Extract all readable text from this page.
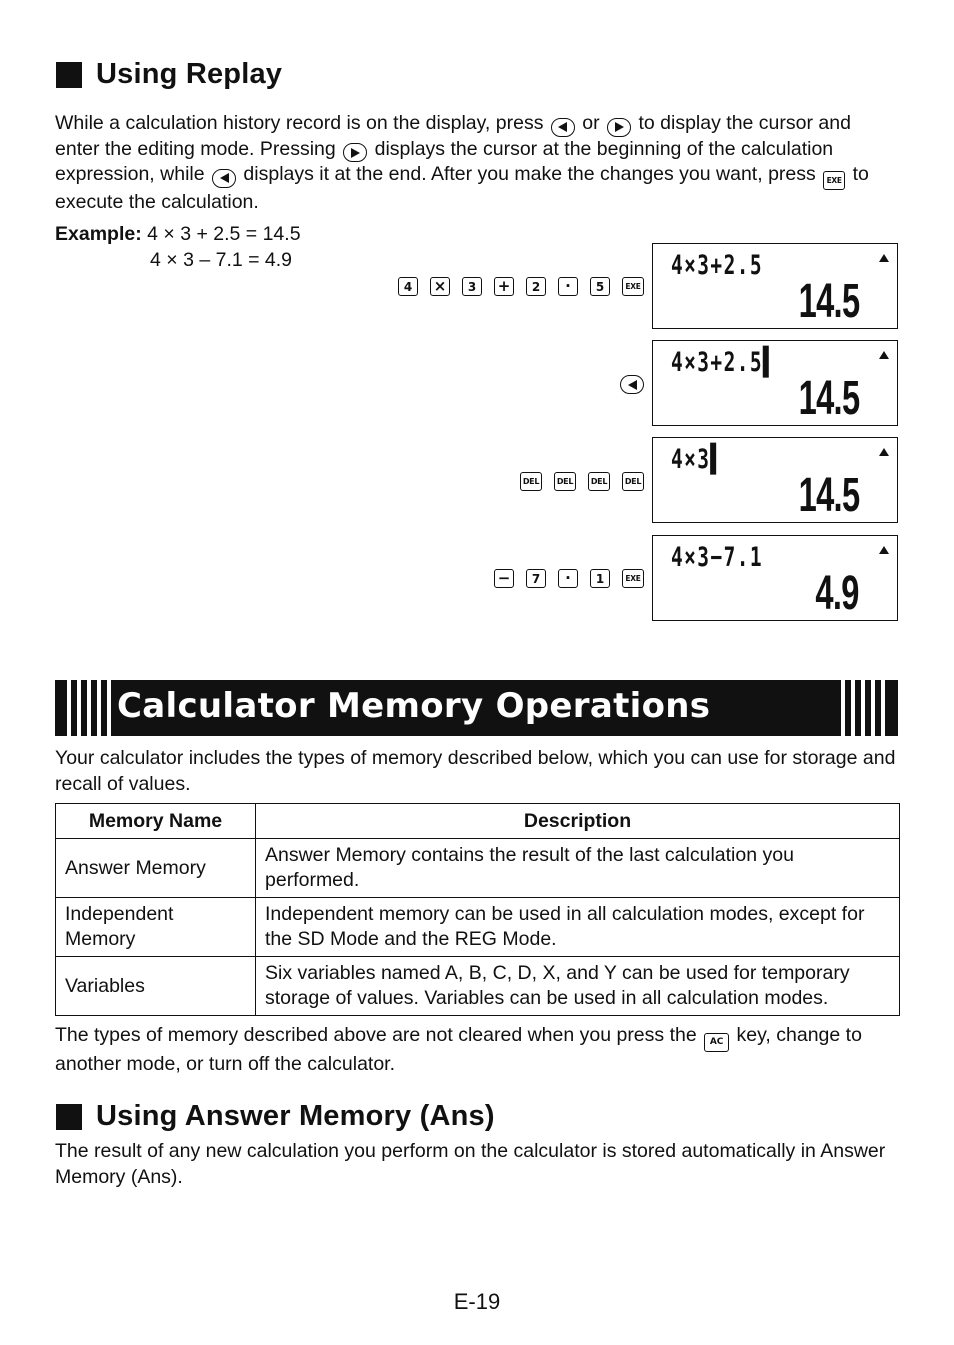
Using Replay
While a calculation history record is on the display, press or to display the cursor and enter the editing mode. Pressing displays the cursor at the beginning of the calculation expression, while displays it at the end. After you make the changes you want, press EXE to execute the calculation.
Example: 4 × 3 + 2.5 = 14.5
4 × 3 – 7.1 = 4.9
4	×	3	+	2	·	5	EXE
DEL	DEL	DEL	DEL
−	7	·	1	EXE
4×3+2.5
14.5
4×3+2.5▌
14.5
4×3▌
14.5
4×3−7.1
4.9
Calculator Memory Operations
Your calculator includes the types of memory described below, which you can use for storage and recall of values.
Memory Name	Description
Answer Memory	Answer Memory contains the result of the last calculation you performed.
Independent Memory	Independent memory can be used in all calculation modes, except for the SD Mode and the REG Mode.
Variables	Six variables named A, B, C, D, X, and Y can be used for temporary storage of values. Variables can be used in all calculation modes.
The types of memory described above are not cleared when you press the AC key, change to another mode, or turn off the calculator.
Using Answer Memory (Ans)
The result of any new calculation you perform on the calculator is stored automatically in Answer Memory (Ans).
E-19
